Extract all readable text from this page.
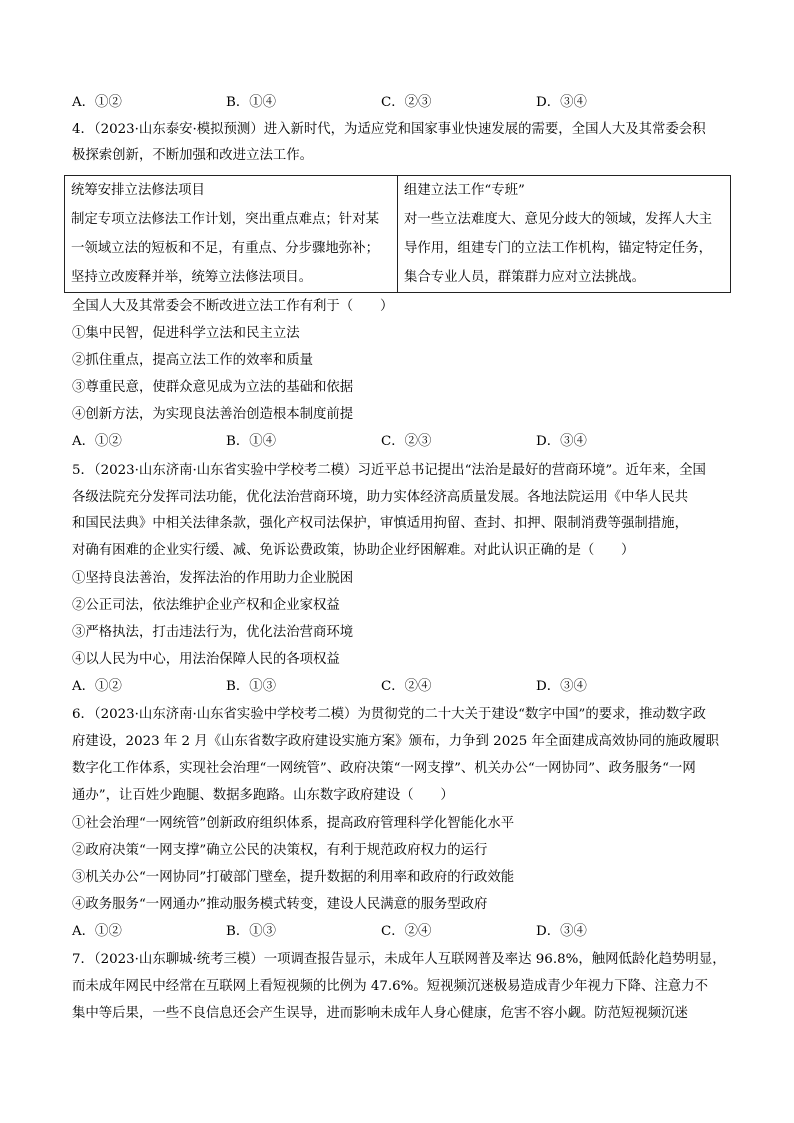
A．①②	B．①④	C．②③	D．③④
4．（2023·山东泰安·模拟预测）进入新时代，为适应党和国家事业快速发展的需要，全国人大及其常委会积
极探索创新，不断加强和改进立法工作。
统筹安排立法修法项目
制定专项立法修法工作计划，突出重点难点；针对某
一领域立法的短板和不足，有重点、分步骤地弥补；
坚持立改废释并举，统筹立法修法项目。

组建立法工作“专班”
对一些立法难度大、意见分歧大的领域，发挥人大主
导作用，组建专门的立法工作机构，锚定特定任务，
集合专业人员，群策群力应对立法挑战。
全国人大及其常委会不断改进立法工作有利于（　　）
①集中民智，促进科学立法和民主立法
②抓住重点，提高立法工作的效率和质量
③尊重民意，使群众意见成为立法的基础和依据
④创新方法，为实现良法善治创造根本制度前提
A．①②	B．①④	C．②③	D．③④
5．（2023·山东济南·山东省实验中学校考二模）习近平总书记提出“法治是最好的营商环境”。近年来，全国
各级法院充分发挥司法功能，优化法治营商环境，助力实体经济高质量发展。各地法院运用《中华人民共
和国民法典》中相关法律条款，强化产权司法保护，审慎适用拘留、查封、扣押、限制消费等强制措施，
对确有困难的企业实行缓、减、免诉讼费政策，协助企业纾困解难。对此认识正确的是（　　）
①坚持良法善治，发挥法治的作用助力企业脱困
②公正司法，依法维护企业产权和企业家权益
③严格执法，打击违法行为，优化法治营商环境
④以人民为中心，用法治保障人民的各项权益
A．①②	B．①③	C．②④	D．③④
6．（2023·山东济南·山东省实验中学校考二模）为贯彻党的二十大关于建设“数字中国”的要求，推动数字政
府建设，2023 年 2 月《山东省数字政府建设实施方案》颁布，力争到 2025 年全面建成高效协同的施政履职
数字化工作体系，实现社会治理“一网统管”、政府决策“一网支撑”、机关办公“一网协同”、政务服务“一网
通办”，让百姓少跑腿、数据多跑路。山东数字政府建设（　　）
①社会治理“一网统管”创新政府组织体系，提高政府管理科学化智能化水平
②政府决策“一网支撑”确立公民的决策权，有利于规范政府权力的运行
③机关办公“一网协同”打破部门壁垒，提升数据的利用率和政府的行政效能
④政务服务“一网通办”推动服务模式转变，建设人民满意的服务型政府
A．①②	B．①③	C．②④	D．③④
7．（2023·山东聊城·统考三模）一项调查报告显示，未成年人互联网普及率达 96.8%，触网低龄化趋势明显，
而未成年网民中经常在互联网上看短视频的比例为 47.6%。短视频沉迷极易造成青少年视力下降、注意力不
集中等后果，一些不良信息还会产生误导，进而影响未成年人身心健康，危害不容小觑。防范短视频沉迷
